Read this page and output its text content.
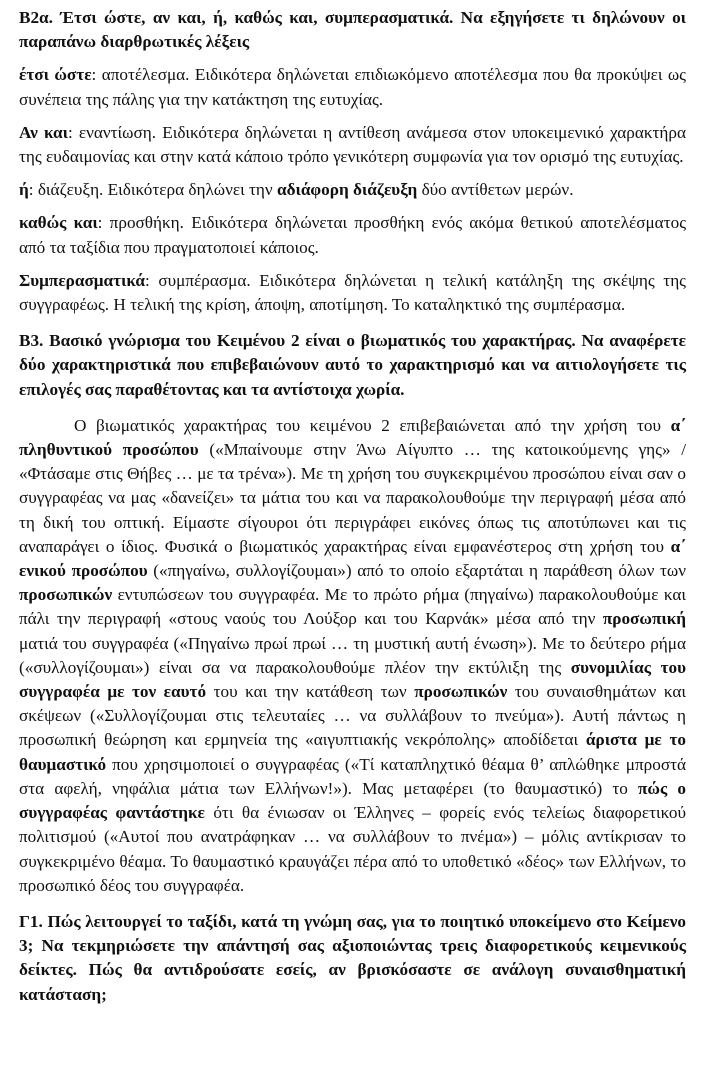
Β2α. Έτσι ώστε, αν και, ή, καθώς και, συμπερασματικά. Να εξηγήσετε τι δηλώνουν οι παραπάνω διαρθρωτικές λέξεις

έτσι ώστε: αποτέλεσμα. Ειδικότερα δηλώνεται επιδιωκόμενο αποτέλεσμα που θα προκύψει ως συνέπεια της πάλης για την κατάκτηση της ευτυχίας.

Αν και: εναντίωση. Ειδικότερα δηλώνεται η αντίθεση ανάμεσα στον υποκειμενικό χαρακτήρα της ευδαιμονίας και στην κατά κάποιο τρόπο γενικότερη συμφωνία για τον ορισμό της ευτυχίας.

ή: διάζευξη. Ειδικότερα δηλώνει την αδιάφορη διάζευξη δύο αντίθετων μερών.

καθώς και: προσθήκη. Ειδικότερα δηλώνεται προσθήκη ενός ακόμα θετικού αποτελέσματος από τα ταξίδια που πραγματοποιεί κάποιος.

Συμπερασματικά: συμπέρασμα. Ειδικότερα δηλώνεται η τελική κατάληξη της σκέψης της συγγραφέως. Η τελική της κρίση, άποψη, αποτίμηση. Το καταληκτικό της συμπέρασμα.

Β3. Βασικό γνώρισμα του Κειμένου 2 είναι ο βιωματικός του χαρακτήρας. Να αναφέρετε δύο χαρακτηριστικά που επιβεβαιώνουν αυτό το χαρακτηρισμό και να αιτιολογήσετε τις επιλογές σας παραθέτοντας και τα αντίστοιχα χωρία.

Ο βιωματικός χαρακτήρας του κειμένου 2 επιβεβαιώνεται από την χρήση του α΄ πληθυντικού προσώπου («Μπαίνουμε στην Άνω Αίγυπτο … της κατοικούμενης γης» / «Φτάσαμε στις Θήβες … με τα τρένα»). Με τη χρήση του συγκεκριμένου προσώπου είναι σαν ο συγγραφέας να μας «δανείζει» τα μάτια του και να παρακολουθούμε την περιγραφή μέσα από τη δική του οπτική. Είμαστε σίγουροι ότι περιγράφει εικόνες όπως τις αποτύπωνει και τις αναπαράγει ο ίδιος. Φυσικά ο βιωματικός χαρακτήρας είναι εμφανέστερος στη χρήση του α΄ ενικού προσώπου («πηγαίνω, συλλογίζουμαι») από το οποίο εξαρτάται η παράθεση όλων των προσωπικών εντυπώσεων του συγγραφέα. Με το πρώτο ρήμα (πηγαίνω) παρακολουθούμε και πάλι την περιγραφή «στους ναούς του Λούξορ και του Καρνάκ» μέσα από την προσωπική ματιά του συγγραφέα («Πηγαίνω πρωί πρωί … τη μυστική αυτή ένωση»). Με το δεύτερο ρήμα («συλλογίζουμαι») είναι σα να παρακολουθούμε πλέον την εκτύλιξη της συνομιλίας του συγγραφέα με τον εαυτό του και την κατάθεση των προσωπικών του συναισθημάτων και σκέψεων («Συλλογίζουμαι στις τελευταίες … να συλλάβουν το πνεύμα»). Αυτή πάντως η προσωπική θεώρηση και ερμηνεία της «αιγυπτιακής νεκρόπολης» αποδίδεται άριστα με το θαυμαστικό που χρησιμοποιεί ο συγγραφέας («Τί καταπληχτικό θέαμα θ’ απλώθηκε μπροστά στα αφελή, νηφάλια μάτια των Ελλήνων!»). Μας μεταφέρει (το θαυμαστικό) το πώς ο συγγραφέας φαντάστηκε ότι θα ένιωσαν οι Έλληνες – φορείς ενός τελείως διαφορετικού πολιτισμού («Αυτοί που ανατράφηκαν … να συλλάβουν το πνέμα») – μόλις αντίκρισαν το συγκεκριμένο θέαμα. Το θαυμαστικό κραυγάζει πέρα από το υποθετικό «δέος» των Ελλήνων, το προσωπικό δέος του συγγραφέα.

Γ1. Πώς λειτουργεί το ταξίδι, κατά τη γνώμη σας, για το ποιητικό υποκείμενο στο Κείμενο 3; Να τεκμηριώσετε την απάντησή σας αξιοποιώντας τρεις διαφορετικούς κειμενικούς δείκτες. Πώς θα αντιδρούσατε εσείς, αν βρισκόσαστε σε ανάλογη συναισθηματική κατάσταση;
